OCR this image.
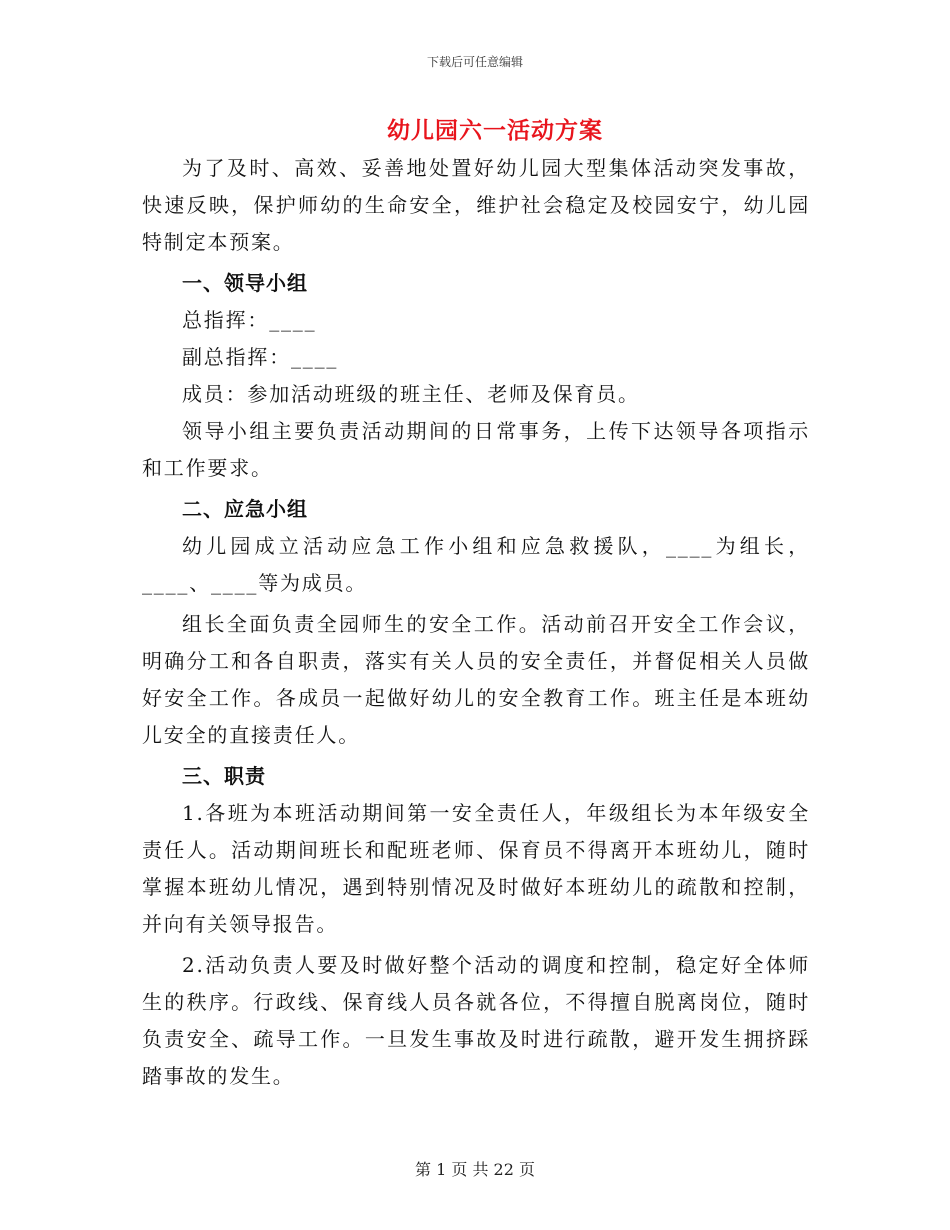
下载后可任意编辑
幼儿园六一活动方案

为了及时、高效、妥善地处置好幼儿园大型集体活动突发事故，快速反映，保护师幼的生命安全，维护社会稳定及校园安宁，幼儿园特制定本预案。

一、领导小组

总指挥：____

副总指挥：____

成员：参加活动班级的班主任、老师及保育员。

领导小组主要负责活动期间的日常事务，上传下达领导各项指示和工作要求。

二、应急小组

幼儿园成立活动应急工作小组和应急救援队，____为组长，____、____等为成员。

组长全面负责全园师生的安全工作。活动前召开安全工作会议，明确分工和各自职责，落实有关人员的安全责任，并督促相关人员做好安全工作。各成员一起做好幼儿的安全教育工作。班主任是本班幼儿安全的直接责任人。

三、职责

1.各班为本班活动期间第一安全责任人，年级组长为本年级安全责任人。活动期间班长和配班老师、保育员不得离开本班幼儿，随时掌握本班幼儿情况，遇到特别情况及时做好本班幼儿的疏散和控制，并向有关领导报告。

2.活动负责人要及时做好整个活动的调度和控制，稳定好全体师生的秩序。行政线、保育线人员各就各位，不得擅自脱离岗位，随时负责安全、疏导工作。一旦发生事故及时进行疏散，避开发生拥挤踩踏事故的发生。

第 1 页 共 22 页
